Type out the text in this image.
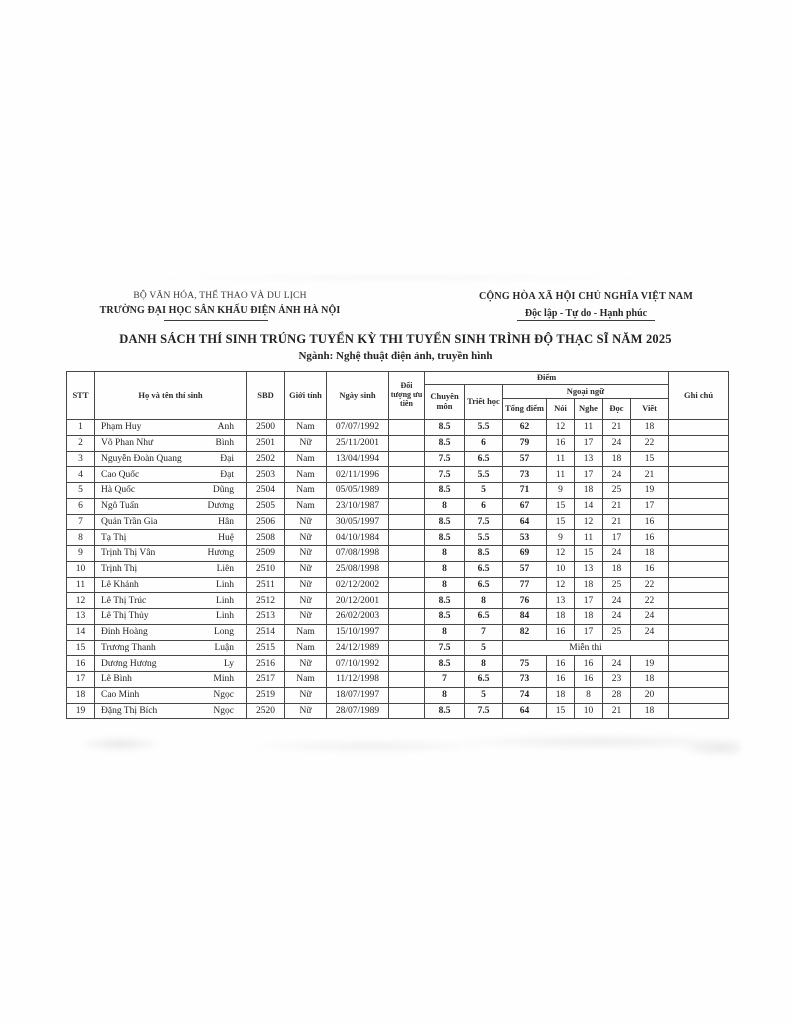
BỘ VĂN HÓA, THỂ THAO VÀ DU LỊCH
TRƯỜNG ĐẠI HỌC SÂN KHẤU ĐIỆN ẢNH HÀ NỘI
CỘNG HÒA XÃ HỘI CHỦ NGHĨA VIỆT NAM
Độc lập - Tự do - Hạnh phúc
DANH SÁCH THÍ SINH TRÚNG TUYỂN KỲ THI TUYỂN SINH TRÌNH ĐỘ THẠC SĨ NĂM 2025
Ngành: Nghệ thuật điện ảnh, truyền hình
STT	Họ và tên thí sinh	SBD	Giới tính	Ngày sinh	Đối tượng ưu tiên	Điểm							Ghi chú
						Chuyên môn	Triết học	Ngoại ngữ					
								Tổng điểm	Nói	Nghe	Đọc	Viết	
1	Phạm Huy Anh	2500	Nam	07/07/1992		8.5	5.5	62	12	11	21	18	
2	Võ Phan Như Bình	2501	Nữ	25/11/2001		8.5	6	79	16	17	24	22	
3	Nguyễn Đoàn Quang Đại	2502	Nam	13/04/1994		7.5	6.5	57	11	13	18	15	
4	Cao Quốc Đạt	2503	Nam	02/11/1996		7.5	5.5	73	11	17	24	21	
5	Hà Quốc Dũng	2504	Nam	05/05/1989		8.5	5	71	9	18	25	19	
6	Ngô Tuấn Dương	2505	Nam	23/10/1987		8	6	67	15	14	21	17	
7	Quản Trần Gia Hân	2506	Nữ	30/05/1997		8.5	7.5	64	15	12	21	16	
8	Tạ Thị Huệ	2508	Nữ	04/10/1984		8.5	5.5	53	9	11	17	16	
9	Trịnh Thị Vân Hương	2509	Nữ	07/08/1998		8	8.5	69	12	15	24	18	
10	Trịnh Thị Liên	2510	Nữ	25/08/1998		8	6.5	57	10	13	18	16	
11	Lê Khánh Linh	2511	Nữ	02/12/2002		8	6.5	77	12	18	25	22	
12	Lê Thị Trúc Linh	2512	Nữ	20/12/2001		8.5	8	76	13	17	24	22	
13	Lê Thị Thủy Linh	2513	Nữ	26/02/2003		8.5	6.5	84	18	18	24	24	
14	Đinh Hoàng Long	2514	Nam	15/10/1997		8	7	82	16	17	25	24	
15	Trương Thanh Luận	2515	Nam	24/12/1989		7.5	5	Miễn thi					
16	Dương Hương Ly	2516	Nữ	07/10/1992		8.5	8	75	16	16	24	19	
17	Lê Bình Minh	2517	Nam	11/12/1998		7	6.5	73	16	16	23	18	
18	Cao Minh Ngọc	2519	Nữ	18/07/1997		8	5	74	18	8	28	20	
19	Đặng Thị Bích Ngọc	2520	Nữ	28/07/1989		8.5	7.5	64	15	10	21	18	
